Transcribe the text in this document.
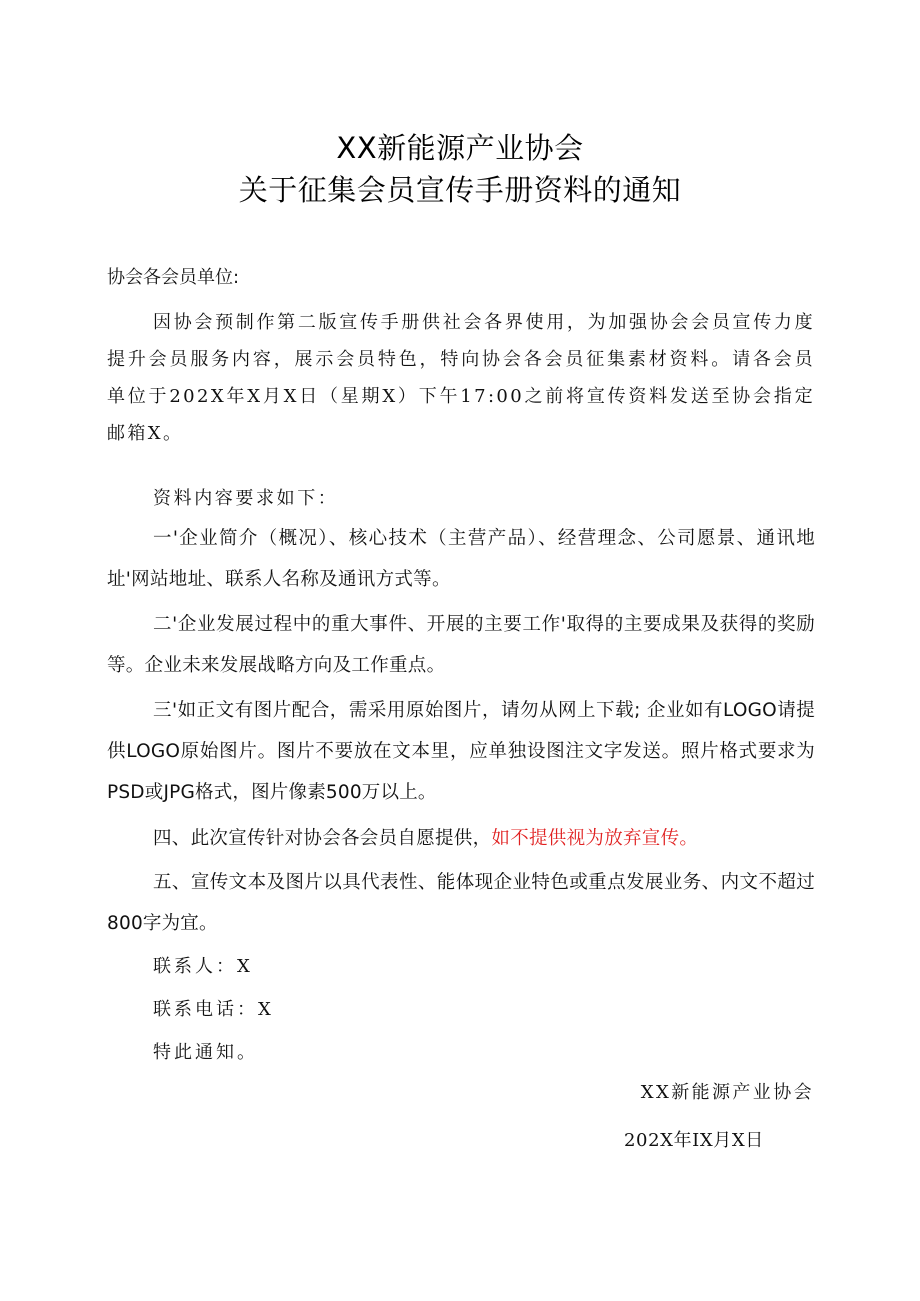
XX新能源产业协会
关于征集会员宣传手册资料的通知
协会各会员单位:

因协会预制作第二版宣传手册供社会各界使用，为加强协会会员宣传力度提升会员服务内容，展示会员特色，特向协会各会员征集素材资料。请各会员单位于202X年X月X日（星期X）下午17:00之前将宣传资料发送至协会指定邮箱X。

资料内容要求如下：

一'企业简介（概况）、核心技术（主营产品）、经营理念、公司愿景、通讯地址'网站地址、联系人名称及通讯方式等。

二'企业发展过程中的重大事件、开展的主要工作'取得的主要成果及获得的奖励等。企业未来发展战略方向及工作重点。

三'如正文有图片配合，需采用原始图片，请勿从网上下载; 企业如有LOGO请提供LOGO原始图片。图片不要放在文本里，应单独设图注文字发送。照片格式要求为PSD或JPG格式，图片像素500万以上。

四、此次宣传针对协会各会员自愿提供，如不提供视为放弃宣传。

五、宣传文本及图片以具代表性、能体现企业特色或重点发展业务、内文不超过800字为宜。

联系人：X
联系电话：X
特此通知。
XX新能源产业协会
202X年IX月X日
